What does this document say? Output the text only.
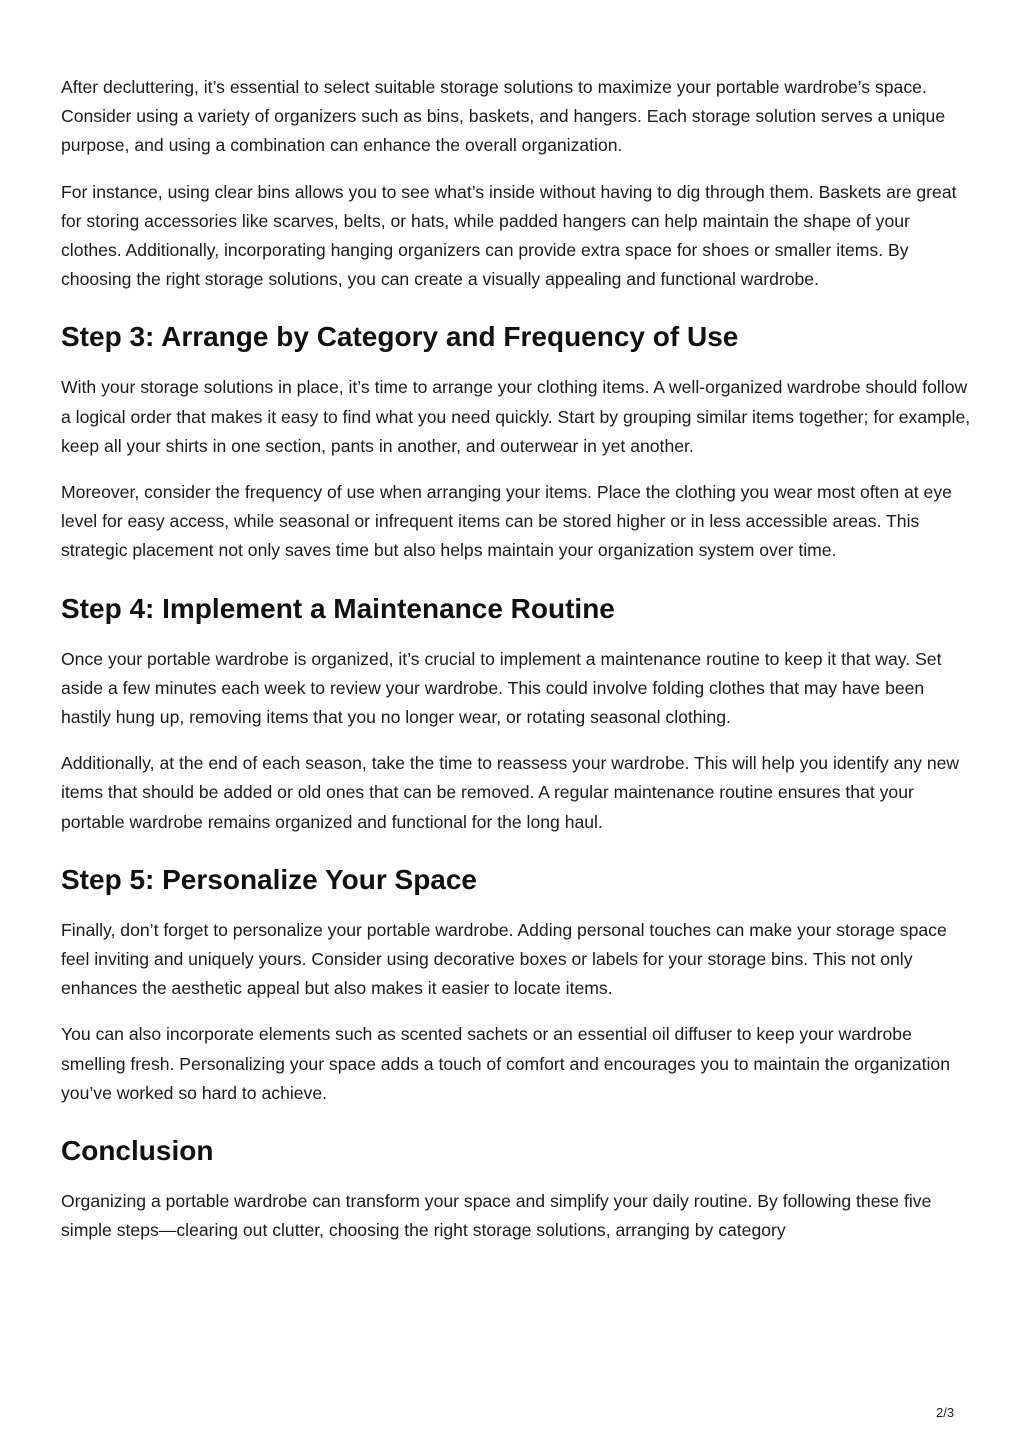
After decluttering, it’s essential to select suitable storage solutions to maximize your portable wardrobe’s space. Consider using a variety of organizers such as bins, baskets, and hangers. Each storage solution serves a unique purpose, and using a combination can enhance the overall organization.

For instance, using clear bins allows you to see what’s inside without having to dig through them. Baskets are great for storing accessories like scarves, belts, or hats, while padded hangers can help maintain the shape of your clothes. Additionally, incorporating hanging organizers can provide extra space for shoes or smaller items. By choosing the right storage solutions, you can create a visually appealing and functional wardrobe.

Step 3: Arrange by Category and Frequency of Use

With your storage solutions in place, it’s time to arrange your clothing items. A well-organized wardrobe should follow a logical order that makes it easy to find what you need quickly. Start by grouping similar items together; for example, keep all your shirts in one section, pants in another, and outerwear in yet another.

Moreover, consider the frequency of use when arranging your items. Place the clothing you wear most often at eye level for easy access, while seasonal or infrequent items can be stored higher or in less accessible areas. This strategic placement not only saves time but also helps maintain your organization system over time.

Step 4: Implement a Maintenance Routine

Once your portable wardrobe is organized, it’s crucial to implement a maintenance routine to keep it that way. Set aside a few minutes each week to review your wardrobe. This could involve folding clothes that may have been hastily hung up, removing items that you no longer wear, or rotating seasonal clothing.

Additionally, at the end of each season, take the time to reassess your wardrobe. This will help you identify any new items that should be added or old ones that can be removed. A regular maintenance routine ensures that your portable wardrobe remains organized and functional for the long haul.

Step 5: Personalize Your Space

Finally, don’t forget to personalize your portable wardrobe. Adding personal touches can make your storage space feel inviting and uniquely yours. Consider using decorative boxes or labels for your storage bins. This not only enhances the aesthetic appeal but also makes it easier to locate items.

You can also incorporate elements such as scented sachets or an essential oil diffuser to keep your wardrobe smelling fresh. Personalizing your space adds a touch of comfort and encourages you to maintain the organization you’ve worked so hard to achieve.

Conclusion

Organizing a portable wardrobe can transform your space and simplify your daily routine. By following these five simple steps—clearing out clutter, choosing the right storage solutions, arranging by category

2/3
